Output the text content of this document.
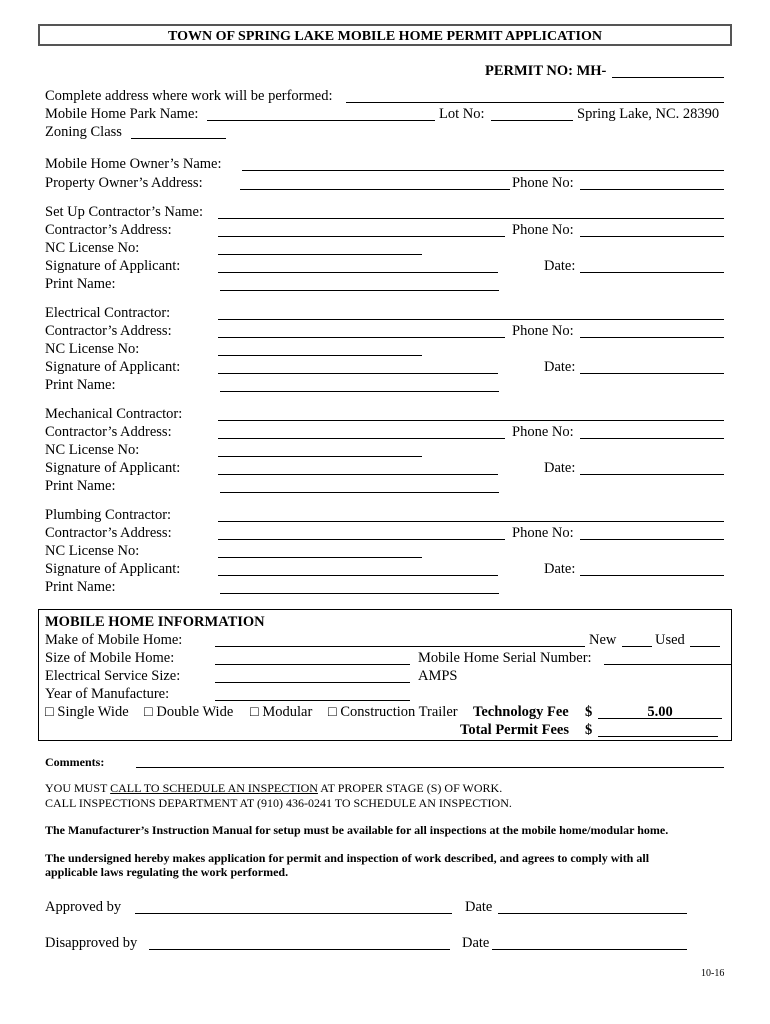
TOWN OF SPRING LAKE MOBILE HOME PERMIT APPLICATION
PERMIT NO: MH-
Complete address where work will be performed:
Mobile Home Park Name:	Lot No:	Spring Lake, NC. 28390
Zoning Class
Mobile Home Owner’s Name:
Property Owner’s Address:	Phone No:
Set Up Contractor’s Name:
Contractor’s Address:	Phone No:
NC License No:
Signature of Applicant:	Date:
Print Name:
Electrical Contractor:
Contractor’s Address:	Phone No:
NC License No:
Signature of Applicant:	Date:
Print Name:
Mechanical Contractor:
Contractor’s Address:	Phone No:
NC License No:
Signature of Applicant:	Date:
Print Name:
Plumbing Contractor:
Contractor’s Address:	Phone No:
NC License No:
Signature of Applicant:	Date:
Print Name:
MOBILE HOME INFORMATION
Make of Mobile Home:	New	Used
Size of Mobile Home:	Mobile Home Serial Number:
Electrical Service Size:	AMPS
Year of Manufacture:
□ Single Wide □ Double Wide □ Modular □ Construction Trailer Technology Fee $	5.00
Total Permit Fees $
Comments:
YOU MUST CALL TO SCHEDULE AN INSPECTION AT PROPER STAGE (S) OF WORK.
CALL INSPECTIONS DEPARTMENT AT (910) 436-0241 TO SCHEDULE AN INSPECTION.
The Manufacturer’s Instruction Manual for setup must be available for all inspections at the mobile home/modular home.
The undersigned hereby makes application for permit and inspection of work described, and agrees to comply with all
applicable laws regulating the work performed.
Approved by	Date
Disapproved by	Date
10-16
